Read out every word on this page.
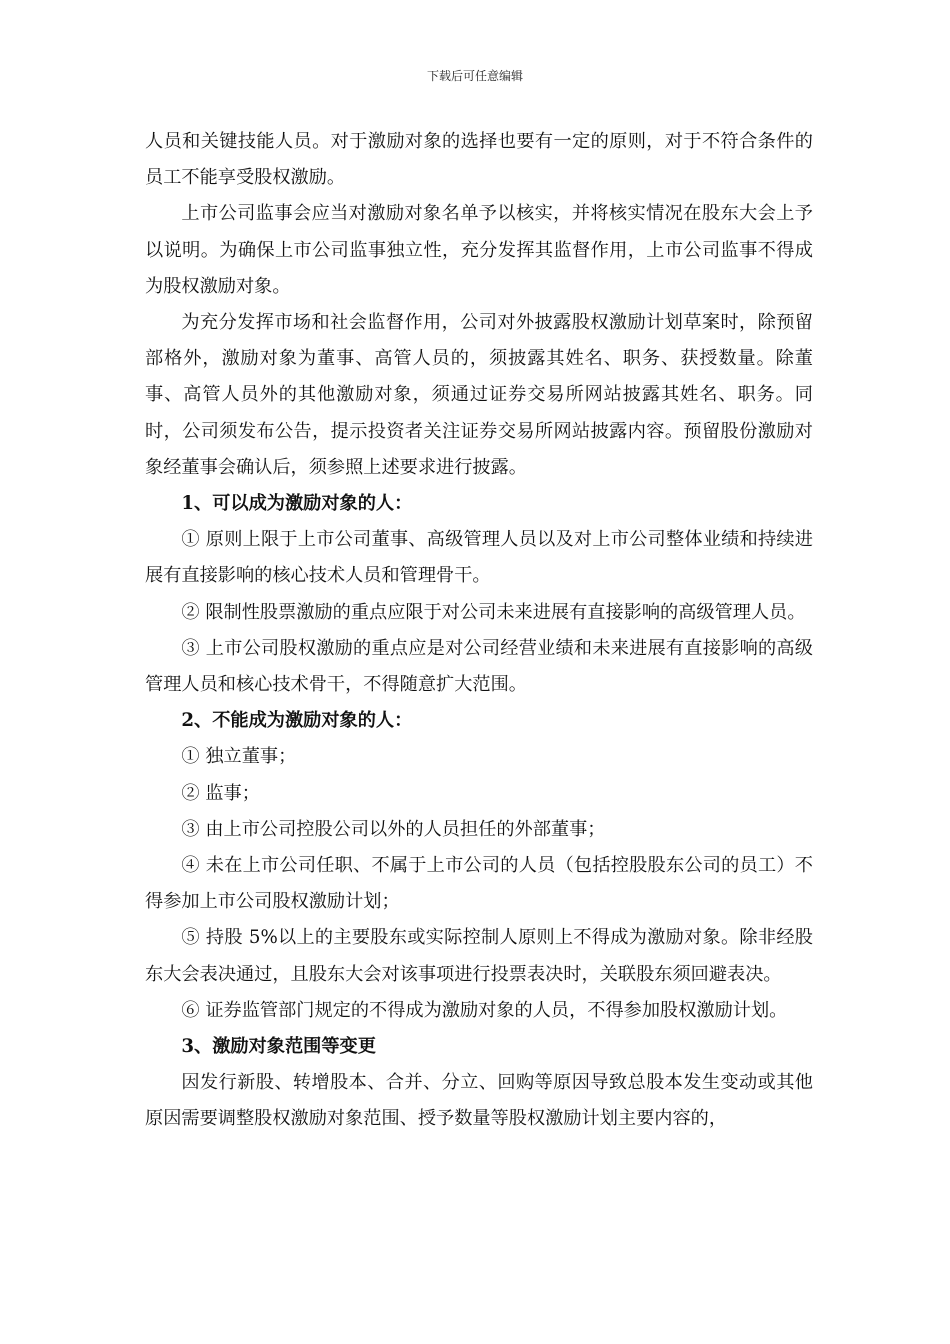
下载后可任意编辑

人员和关键技能人员。对于激励对象的选择也要有一定的原则，对于不符合条件的员工不能享受股权激励。

上市公司监事会应当对激励对象名单予以核实，并将核实情况在股东大会上予以说明。为确保上市公司监事独立性，充分发挥其监督作用，上市公司监事不得成为股权激励对象。

为充分发挥市场和社会监督作用，公司对外披露股权激励计划草案时，除预留部格外，激励对象为董事、高管人员的，须披露其姓名、职务、获授数量。除董事、高管人员外的其他激励对象，须通过证券交易所网站披露其姓名、职务。同时，公司须发布公告，提示投资者关注证券交易所网站披露内容。预留股份激励对象经董事会确认后，须参照上述要求进行披露。

1、可以成为激励对象的人：

① 原则上限于上市公司董事、高级管理人员以及对上市公司整体业绩和持续进展有直接影响的核心技术人员和管理骨干。

② 限制性股票激励的重点应限于对公司未来进展有直接影响的高级管理人员。

③ 上市公司股权激励的重点应是对公司经营业绩和未来进展有直接影响的高级管理人员和核心技术骨干，不得随意扩大范围。

2、不能成为激励对象的人：

① 独立董事；

② 监事；

③ 由上市公司控股公司以外的人员担任的外部董事；

④ 未在上市公司任职、不属于上市公司的人员（包括控股股东公司的员工）不得参加上市公司股权激励计划；

⑤ 持股 5%以上的主要股东或实际控制人原则上不得成为激励对象。除非经股东大会表决通过，且股东大会对该事项进行投票表决时，关联股东须回避表决。

⑥ 证券监管部门规定的不得成为激励对象的人员，不得参加股权激励计划。

3、激励对象范围等变更

因发行新股、转增股本、合并、分立、回购等原因导致总股本发生变动或其他原因需要调整股权激励对象范围、授予数量等股权激励计划主要内容的，
